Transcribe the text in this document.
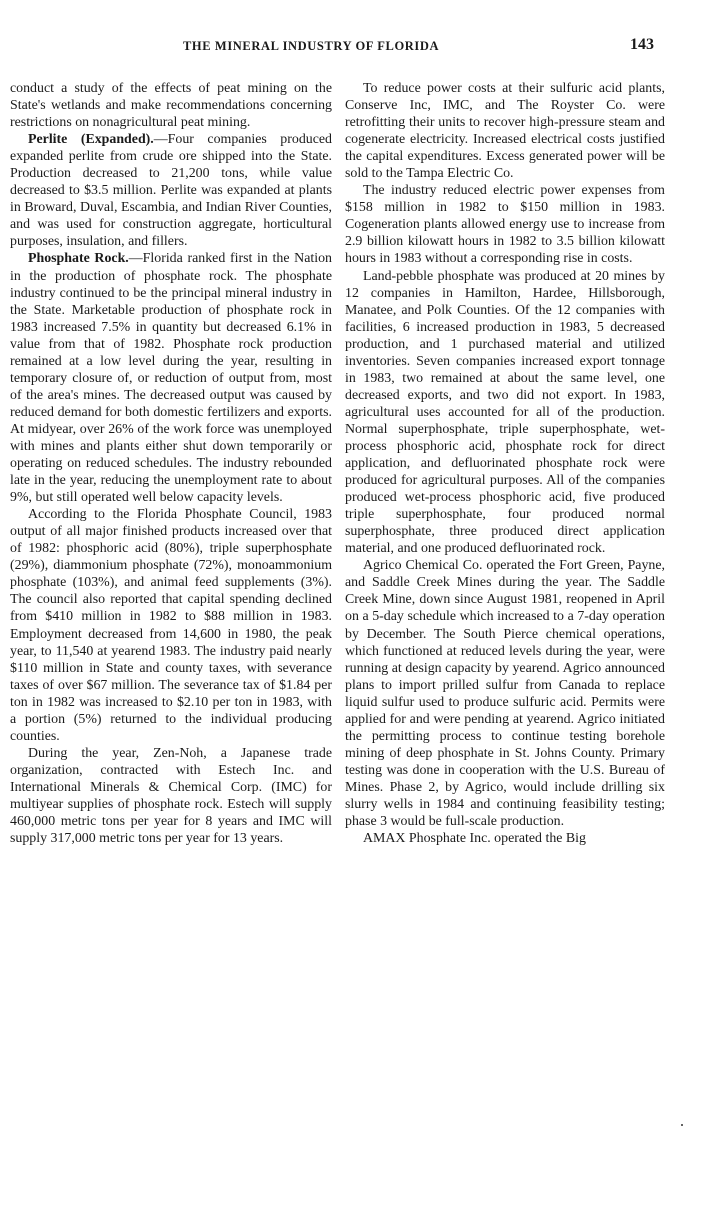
THE MINERAL INDUSTRY OF FLORIDA	143

conduct a study of the effects of peat mining on the State's wetlands and make recommendations concerning restrictions on nonagricultural peat mining.

Perlite (Expanded).—Four companies produced expanded perlite from crude ore shipped into the State. Production decreased to 21,200 tons, while value decreased to $3.5 million. Perlite was expanded at plants in Broward, Duval, Escambia, and Indian River Counties, and was used for construction aggregate, horticultural purposes, insulation, and fillers.

Phosphate Rock.—Florida ranked first in the Nation in the production of phosphate rock. The phosphate industry continued to be the principal mineral industry in the State. Marketable production of phosphate rock in 1983 increased 7.5% in quantity but decreased 6.1% in value from that of 1982. Phosphate rock production remained at a low level during the year, resulting in temporary closure of, or reduction of output from, most of the area's mines. The decreased output was caused by reduced demand for both domestic fertilizers and exports. At midyear, over 26% of the work force was unemployed with mines and plants either shut down temporarily or operating on reduced schedules. The industry rebounded late in the year, reducing the unemployment rate to about 9%, but still operated well below capacity levels.

According to the Florida Phosphate Council, 1983 output of all major finished products increased over that of 1982: phosphoric acid (80%), triple superphosphate (29%), diammonium phosphate (72%), monoammonium phosphate (103%), and animal feed supplements (3%). The council also reported that capital spending declined from $410 million in 1982 to $88 million in 1983. Employment decreased from 14,600 in 1980, the peak year, to 11,540 at yearend 1983. The industry paid nearly $110 million in State and county taxes, with severance taxes of over $67 million. The severance tax of $1.84 per ton in 1982 was increased to $2.10 per ton in 1983, with a portion (5%) returned to the individual producing counties.

During the year, Zen-Noh, a Japanese trade organization, contracted with Estech Inc. and International Minerals & Chemical Corp. (IMC) for multiyear supplies of phosphate rock. Estech will supply 460,000 metric tons per year for 8 years and IMC will supply 317,000 metric tons per year for 13 years.

To reduce power costs at their sulfuric acid plants, Conserve Inc, IMC, and The Royster Co. were retrofitting their units to recover high-pressure steam and cogenerate electricity. Increased electrical costs justified the capital expenditures. Excess generated power will be sold to the Tampa Electric Co.

The industry reduced electric power expenses from $158 million in 1982 to $150 million in 1983. Cogeneration plants allowed energy use to increase from 2.9 billion kilowatt hours in 1982 to 3.5 billion kilowatt hours in 1983 without a corresponding rise in costs.

Land-pebble phosphate was produced at 20 mines by 12 companies in Hamilton, Hardee, Hillsborough, Manatee, and Polk Counties. Of the 12 companies with facilities, 6 increased production in 1983, 5 decreased production, and 1 purchased material and utilized inventories. Seven companies increased export tonnage in 1983, two remained at about the same level, one decreased exports, and two did not export. In 1983, agricultural uses accounted for all of the production. Normal superphosphate, triple superphosphate, wet-process phosphoric acid, phosphate rock for direct application, and defluorinated phosphate rock were produced for agricultural purposes. All of the companies produced wet-process phosphoric acid, five produced triple superphosphate, four produced normal superphosphate, three produced direct application material, and one produced defluorinated rock.

Agrico Chemical Co. operated the Fort Green, Payne, and Saddle Creek Mines during the year. The Saddle Creek Mine, down since August 1981, reopened in April on a 5-day schedule which increased to a 7-day operation by December. The South Pierce chemical operations, which functioned at reduced levels during the year, were running at design capacity by yearend. Agrico announced plans to import prilled sulfur from Canada to replace liquid sulfur used to produce sulfuric acid. Permits were applied for and were pending at yearend. Agrico initiated the permitting process to continue testing borehole mining of deep phosphate in St. Johns County. Primary testing was done in cooperation with the U.S. Bureau of Mines. Phase 2, by Agrico, would include drilling six slurry wells in 1984 and continuing feasibility testing; phase 3 would be full-scale production.

AMAX Phosphate Inc. operated the Big
